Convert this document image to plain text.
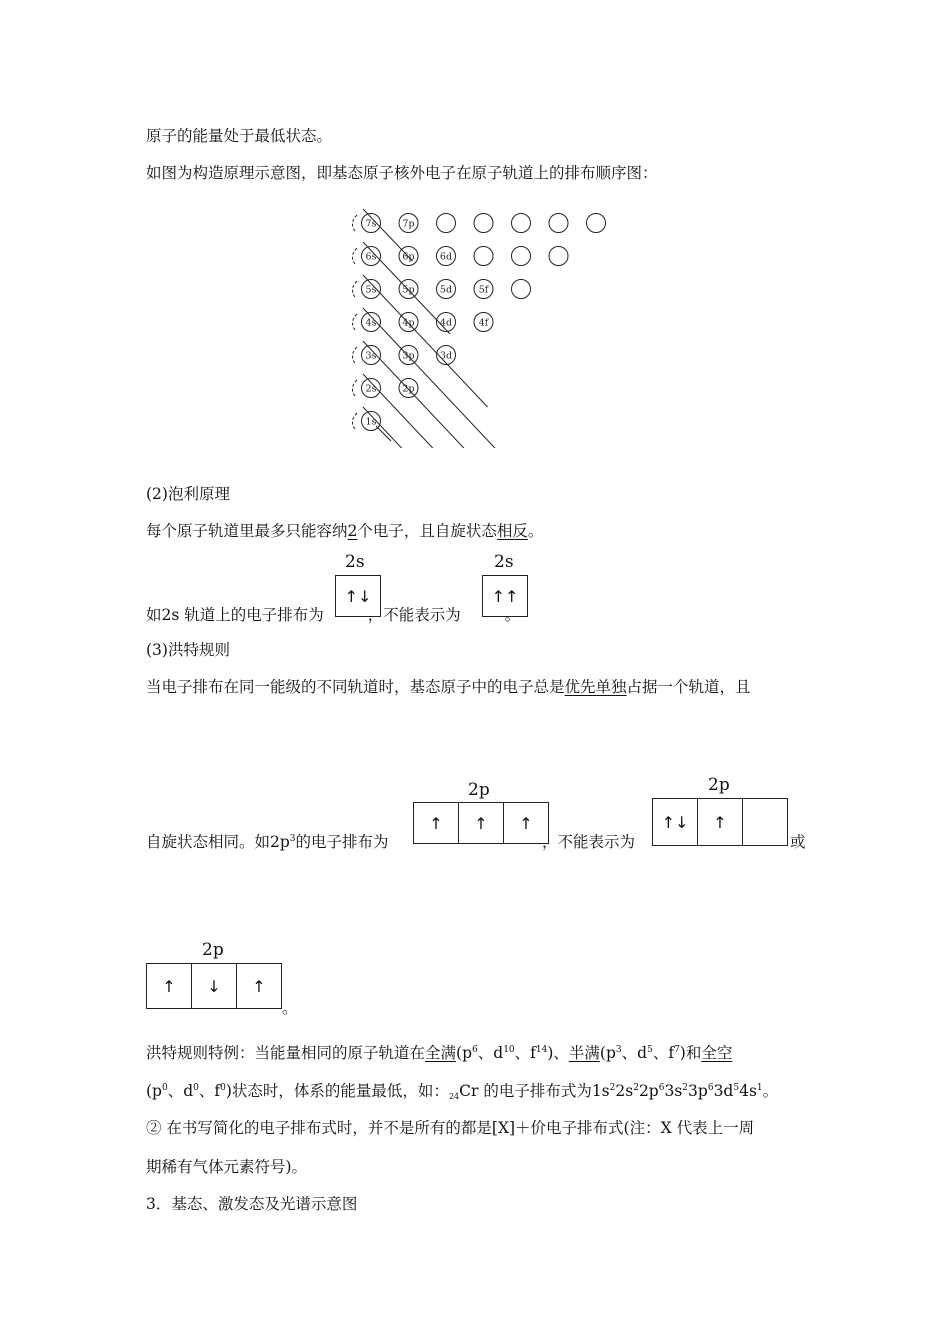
原子的能量处于最低状态。
如图为构造原理示意图，即基态原子核外电子在原子轨道上的排布顺序图：
7s	7p
6s	6p	6d
5s	5p	5d	5f
4s	4p	4d	4f
3s	3p	3d
2s	2p
1s
(2)泡利原理
每个原子轨道里最多只能容纳2个电子，且自旋状态相反。
如2s 轨道上的电子排布为	，不能表示为	。
2s
↑↓
2s
↑↑
(3)洪特规则
当电子排布在同一能级的不同轨道时，基态原子中的电子总是优先单独占据一个轨道，且
自旋状态相同。如$2p^3$的电子排布为	，不能表示为	或
2p
↑ ↑ ↑
2p
↑↓ ↑
2p
↑ ↓ ↑
。
洪特规则特例：当能量相同的原子轨道在全满($p^6$、$d^{10}$、$f^{14}$)、半满($p^3$、$d^5$、$f^7$)和全空
($p^0$、$d^0$、$f^0$)状态时，体系的能量最低，如：$_{24}$Cr 的电子排布式为$1s^22s^22p^63s^23p^63d^54s^1$。
② 在书写简化的电子排布式时，并不是所有的都是[X]＋价电子排布式(注：X 代表上一周
期稀有气体元素符号)。
3．基态、激发态及光谱示意图
